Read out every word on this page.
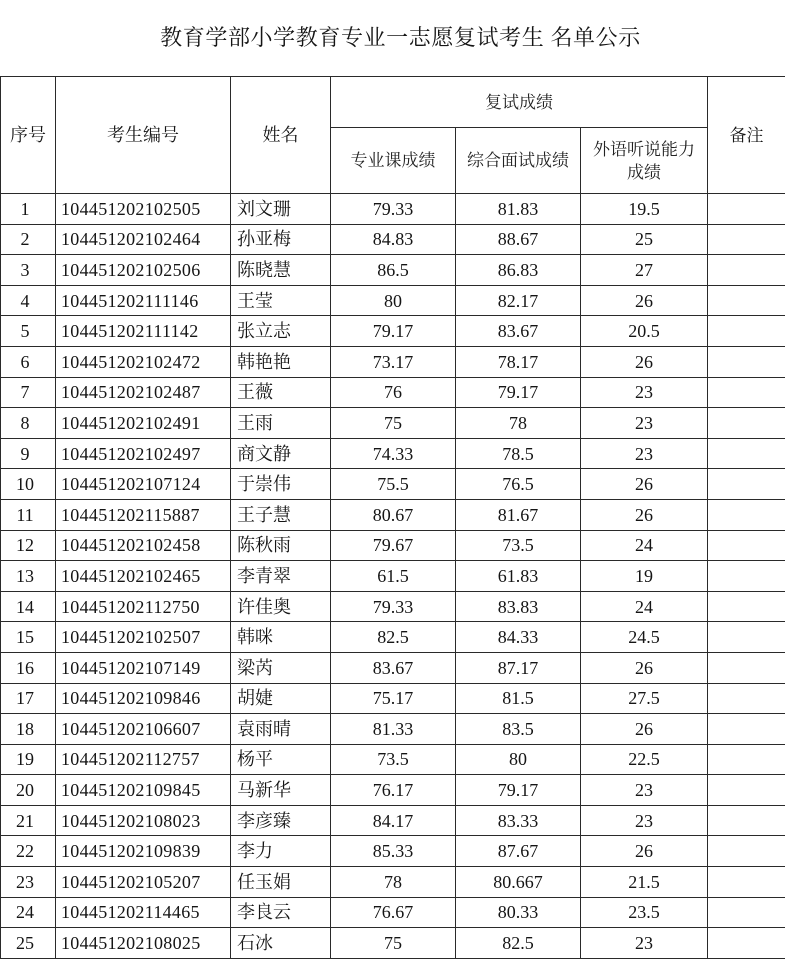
教育学部小学教育专业一志愿复试考生 名单公示
序号	考生编号	姓名	复试成绩			备注
			专业课成绩	综合面试成绩	外语听说能力成绩	
1	104451202102505	刘文珊	79.33	81.83	19.5	
2	104451202102464	孙亚梅	84.83	88.67	25	
3	104451202102506	陈晓慧	86.5	86.83	27	
4	104451202111146	王莹	80	82.17	26	
5	104451202111142	张立志	79.17	83.67	20.5	
6	104451202102472	韩艳艳	73.17	78.17	26	
7	104451202102487	王薇	76	79.17	23	
8	104451202102491	王雨	75	78	23	
9	104451202102497	商文静	74.33	78.5	23	
10	104451202107124	于崇伟	75.5	76.5	26	
11	104451202115887	王子慧	80.67	81.67	26	
12	104451202102458	陈秋雨	79.67	73.5	24	
13	104451202102465	李青翠	61.5	61.83	19	
14	104451202112750	许佳奥	79.33	83.83	24	
15	104451202102507	韩咪	82.5	84.33	24.5	
16	104451202107149	梁芮	83.67	87.17	26	
17	104451202109846	胡婕	75.17	81.5	27.5	
18	104451202106607	袁雨晴	81.33	83.5	26	
19	104451202112757	杨平	73.5	80	22.5	
20	104451202109845	马新华	76.17	79.17	23	
21	104451202108023	李彦臻	84.17	83.33	23	
22	104451202109839	李力	85.33	87.67	26	
23	104451202105207	任玉娟	78	80.667	21.5	
24	104451202114465	李良云	76.67	80.33	23.5	
25	104451202108025	石冰	75	82.5	23	
